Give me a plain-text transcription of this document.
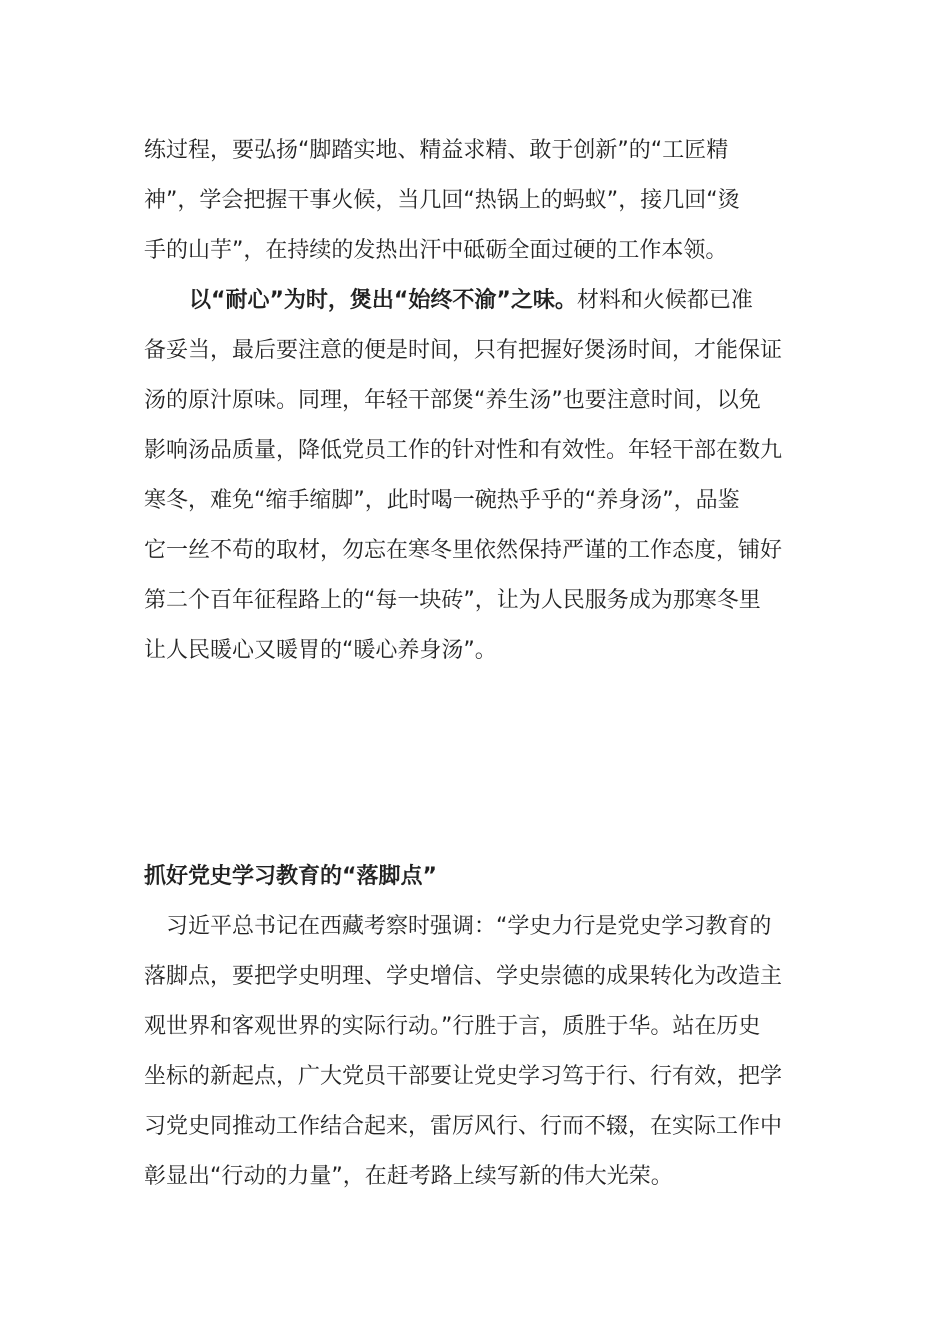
练过程，要弘扬“脚踏实地、精益求精、敢于创新”的“工匠精
神”，学会把握干事火候，当几回“热锅上的蚂蚁”，接几回“烫
手的山芋”，在持续的发热出汗中砥砺全面过硬的工作本领。
以“耐心”为时，煲出“始终不渝”之味。材料和火候都已准
备妥当，最后要注意的便是时间，只有把握好煲汤时间，才能保证
汤的原汁原味。同理，年轻干部煲“养生汤”也要注意时间，以免
影响汤品质量，降低党员工作的针对性和有效性。年轻干部在数九
寒冬，难免“缩手缩脚”，此时喝一碗热乎乎的“养身汤”，品鉴
它一丝不苟的取材，勿忘在寒冬里依然保持严谨的工作态度，铺好
第二个百年征程路上的“每一块砖”，让为人民服务成为那寒冬里
让人民暖心又暖胃的“暖心养身汤”。
抓好党史学习教育的“落脚点”
习近平总书记在西藏考察时强调：“学史力行是党史学习教育的
落脚点，要把学史明理、学史增信、学史崇德的成果转化为改造主
观世界和客观世界的实际行动。”行胜于言，质胜于华。站在历史
坐标的新起点，广大党员干部要让党史学习笃于行、行有效，把学
习党史同推动工作结合起来，雷厉风行、行而不辍，在实际工作中
彰显出“行动的力量”，在赶考路上续写新的伟大光荣。
